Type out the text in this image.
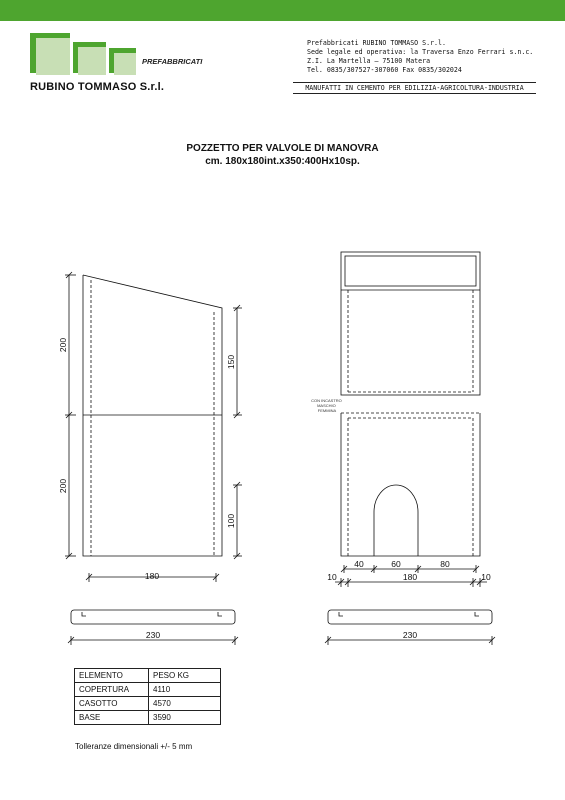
PREFABBRICATI
RUBINO TOMMASO S.r.l.
Prefabbricati RUBINO TOMMASO S.r.l.
Sede legale ed operativa: la Traversa Enzo Ferrari s.n.c.
Z.I. La Martella — 75100 Matera
Tel. 0835/307527-307060 Fax 0835/302024
MANUFATTI IN CEMENTO PER EDILIZIA-AGRICOLTURA-INDUSTRIA
POZZETTO PER VALVOLE DI MANOVRA
cm. 180x180int.x350:400Hx10sp.
200
200
150
100
180
230
40	60	80
180
10	10
230
CON INCASTRO MASCHIO FEMMINA
ELEMENTO	PESO KG
COPERTURA	4110
CASOTTO	4570
BASE	3590
Tolleranze dimensionali +/- 5 mm
